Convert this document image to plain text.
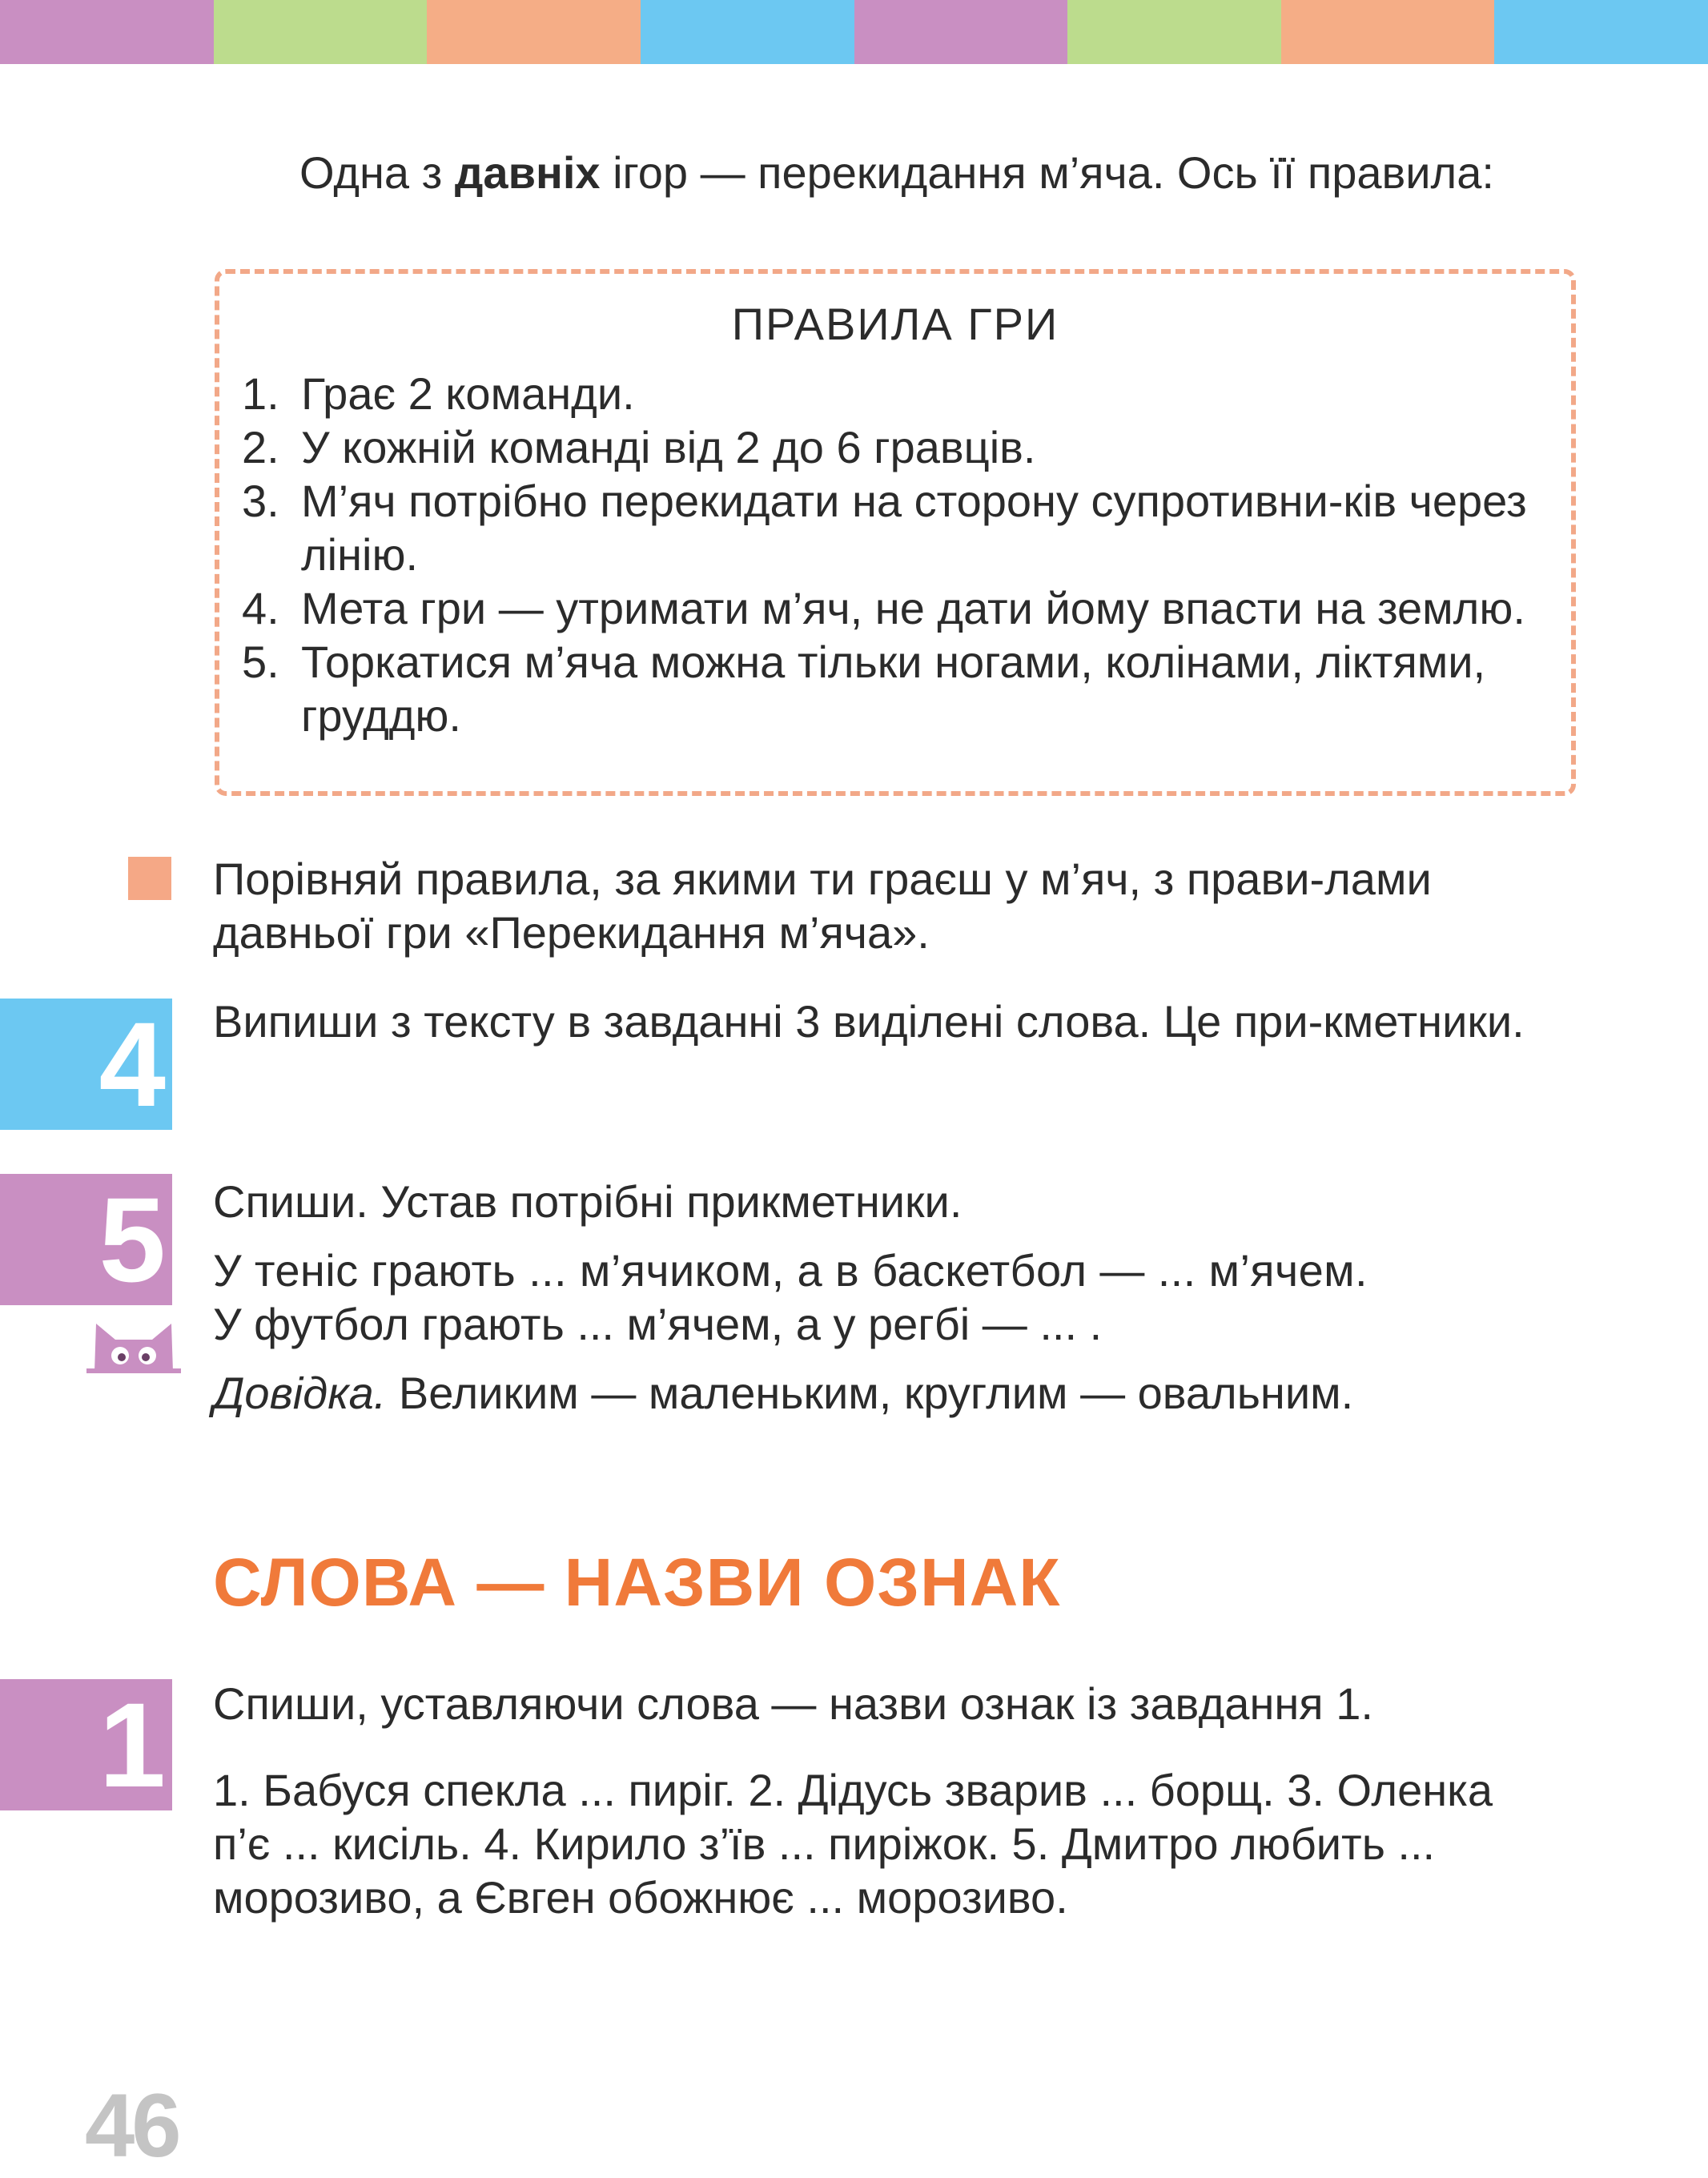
Одна з давніх ігор — перекидання м’яча. Ось її правила:

ПРАВИЛА ГРИ
1. Грає 2 команди.
2. У кожній команді від 2 до 6 гравців.
3. М’яч потрібно перекидати на сторону супротивни-ків через лінію.
4. Мета гри — утримати м’яч, не дати йому впасти на землю.
5. Торкатися м’яча можна тільки ногами, колінами, ліктями, груддю.

Порівняй правила, за якими ти граєш у м’яч, з прави-лами давньої гри «Перекидання м’яча».

4 Випиши з тексту в завданні 3 виділені слова. Це при-кметники.

5 Спиши. Устав потрібні прикметники.

У теніс грають ... м’ячиком, а в баскетбол — ... м’ячем.

У футбол грають ... м’ячем, а у регбі — ... .

Довідка. Великим — маленьким, круглим — овальним.

СЛОВА — НАЗВИ ОЗНАК
1 Спиши, уставляючи слова — назви ознак із завдання 1.

1. Бабуся спекла ... пиріг. 2. Дідусь зварив ... борщ. 3. Оленка п’є ... кисіль. 4. Кирило з’їв ... пиріжок. 5. Дмитро любить ... морозиво, а Євген обожнює ... морозиво.

46
